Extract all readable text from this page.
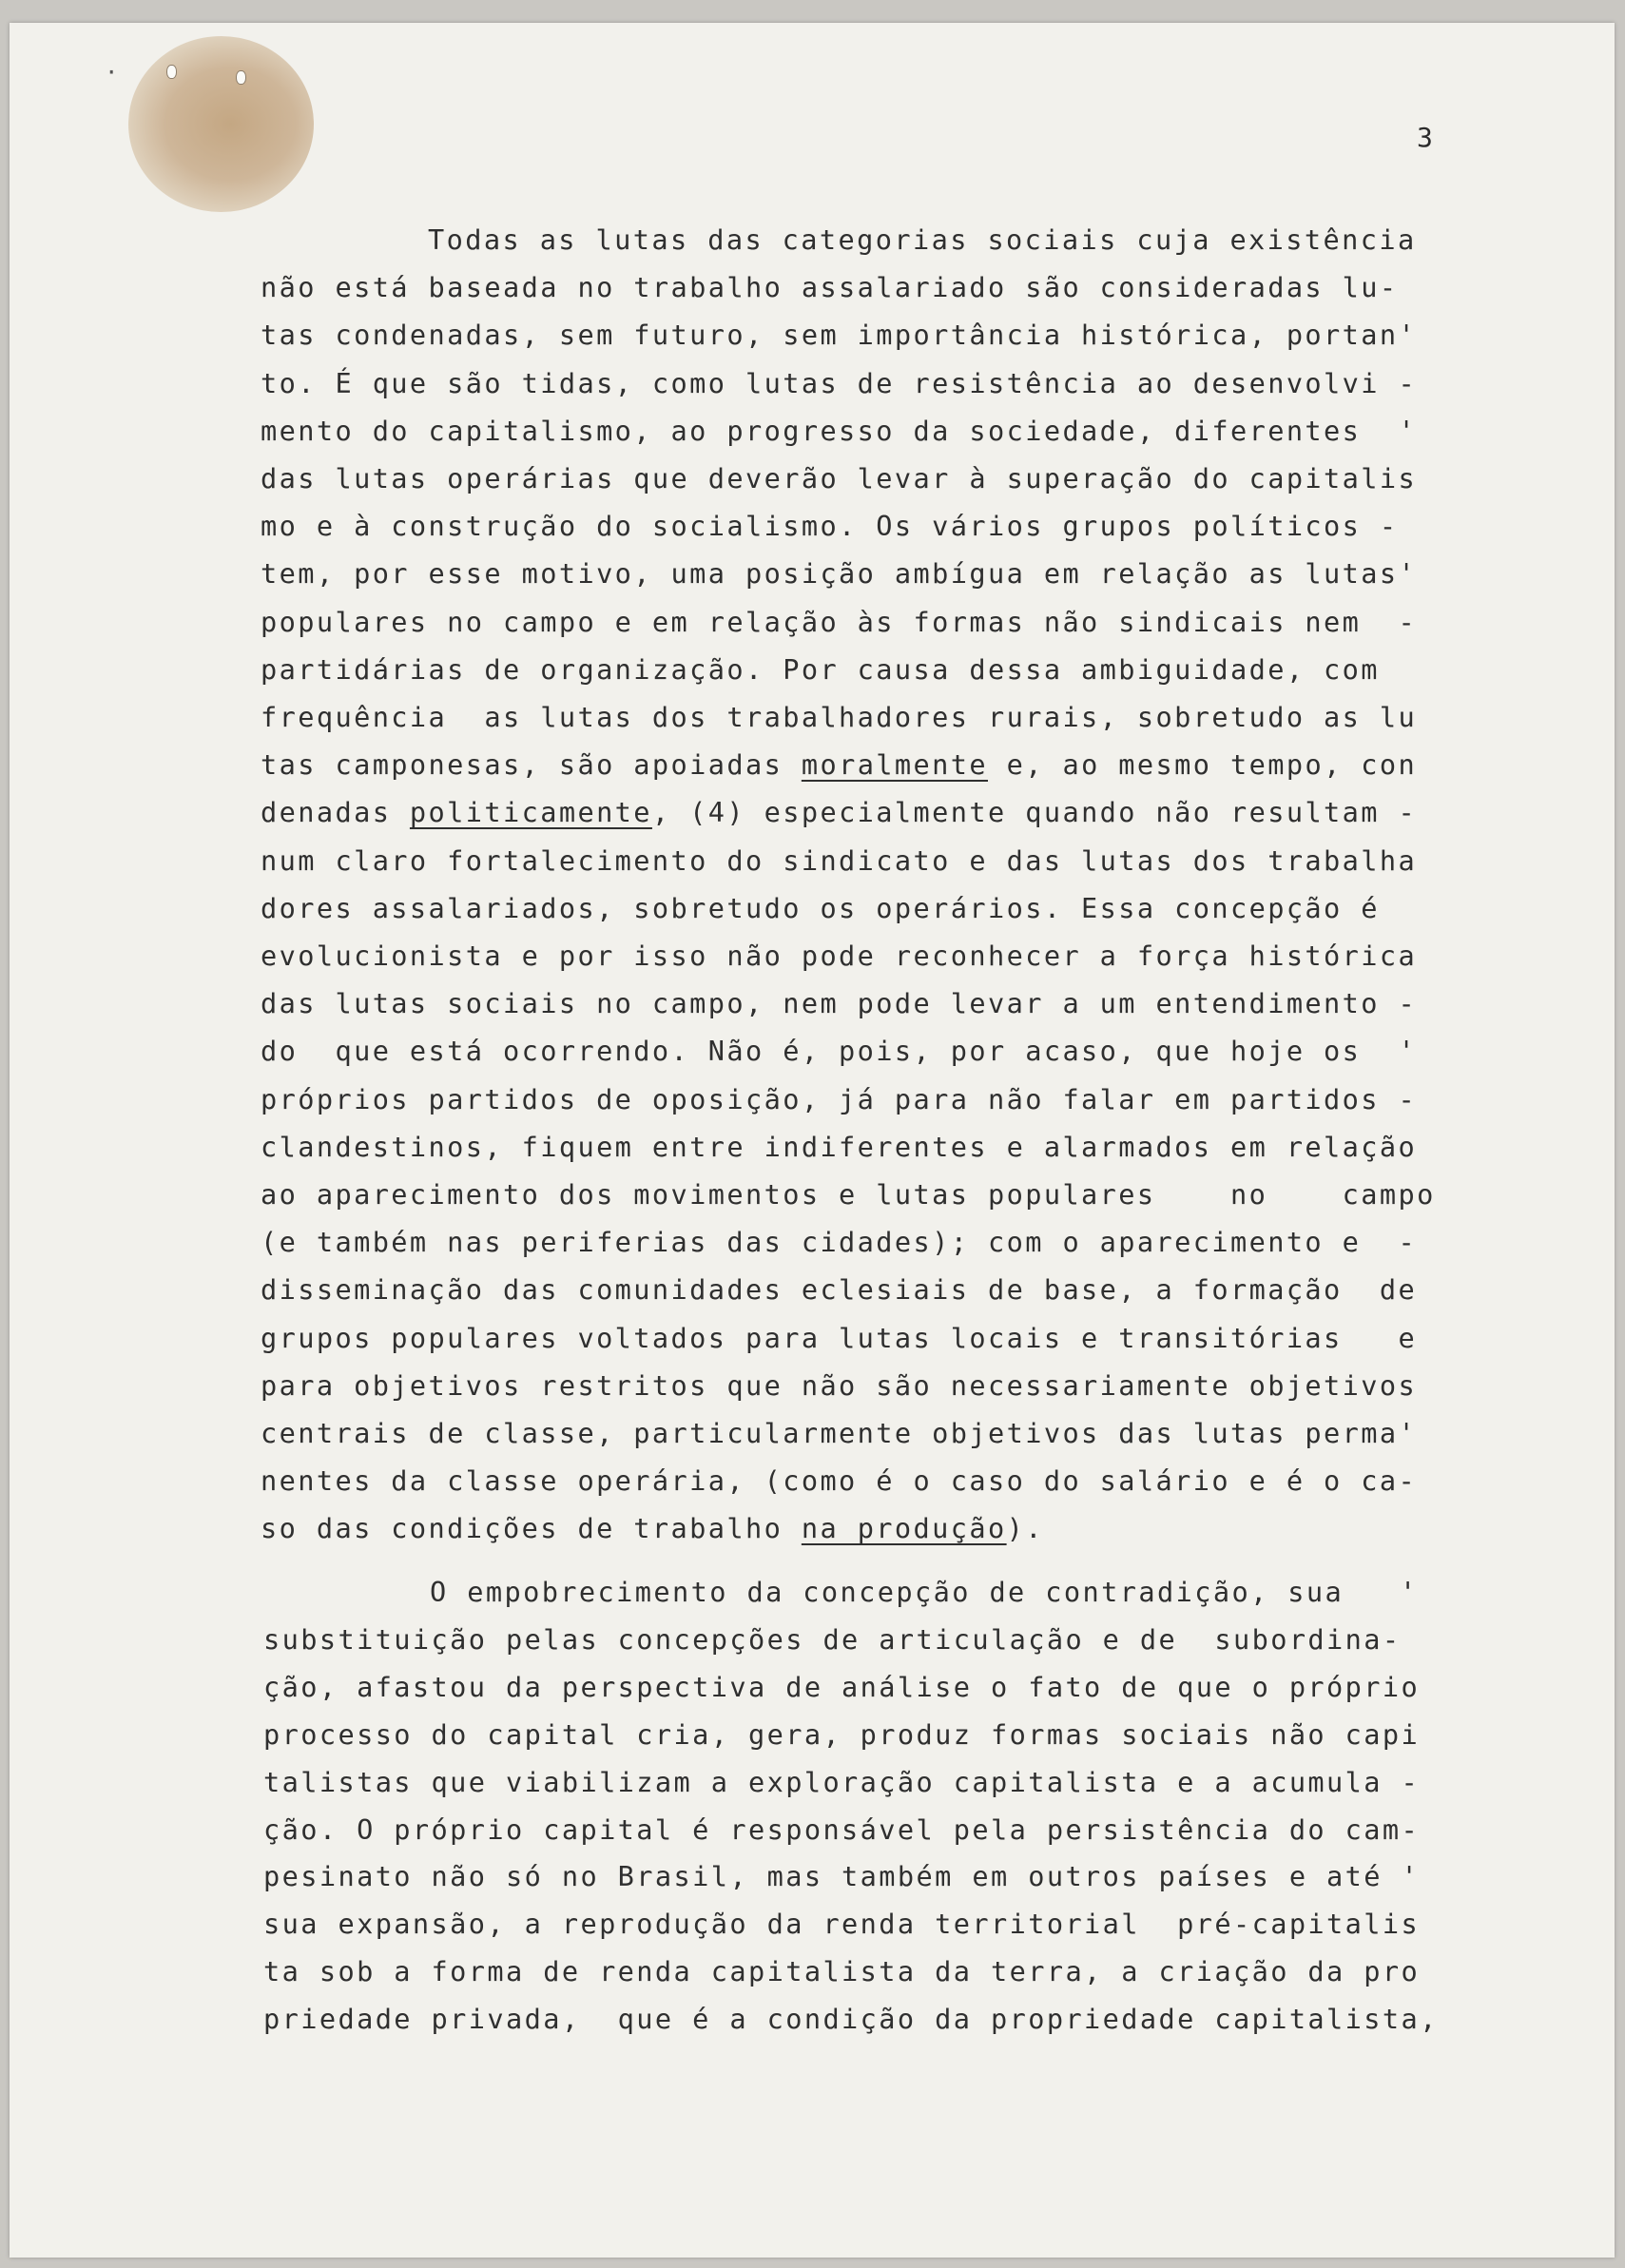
·
3
Todas as lutas das categorias sociais cuja existência
não está baseada no trabalho assalariado são consideradas lu-
tas condenadas, sem futuro, sem importância histórica, portan'
to. É que são tidas, como lutas de resistência ao desenvolvi -
mento do capitalismo, ao progresso da sociedade, diferentes  '
das lutas operárias que deverão levar à superação do capitalis
mo e à construção do socialismo. Os vários grupos políticos -
tem, por esse motivo, uma posição ambígua em relação as lutas'
populares no campo e em relação às formas não sindicais nem  -
partidárias de organização. Por causa dessa ambiguidade, com
frequência  as lutas dos trabalhadores rurais, sobretudo as lu
tas camponesas, são apoiadas moralmente e, ao mesmo tempo, con
denadas politicamente, (4) especialmente quando não resultam -
num claro fortalecimento do sindicato e das lutas dos trabalha
dores assalariados, sobretudo os operários. Essa concepção é
evolucionista e por isso não pode reconhecer a força histórica
das lutas sociais no campo, nem pode levar a um entendimento -
do  que está ocorrendo. Não é, pois, por acaso, que hoje os  '
próprios partidos de oposição, já para não falar em partidos -
clandestinos, fiquem entre indiferentes e alarmados em relação
ao aparecimento dos movimentos e lutas populares    no    campo
(e também nas periferias das cidades); com o aparecimento e  -
disseminação das comunidades eclesiais de base, a formação  de
grupos populares voltados para lutas locais e transitórias   e
para objetivos restritos que não são necessariamente objetivos
centrais de classe, particularmente objetivos das lutas perma'
nentes da classe operária, (como é o caso do salário e é o ca-
so das condições de trabalho na produção).
O empobrecimento da concepção de contradição, sua   '
substituição pelas concepções de articulação e de  subordina-
ção, afastou da perspectiva de análise o fato de que o próprio
processo do capital cria, gera, produz formas sociais não capi
talistas que viabilizam a exploração capitalista e a acumula -
ção. O próprio capital é responsável pela persistência do cam-
pesinato não só no Brasil, mas também em outros países e até '
sua expansão, a reprodução da renda territorial  pré-capitalis
ta sob a forma de renda capitalista da terra, a criação da pro
priedade privada,  que é a condição da propriedade capitalista,
